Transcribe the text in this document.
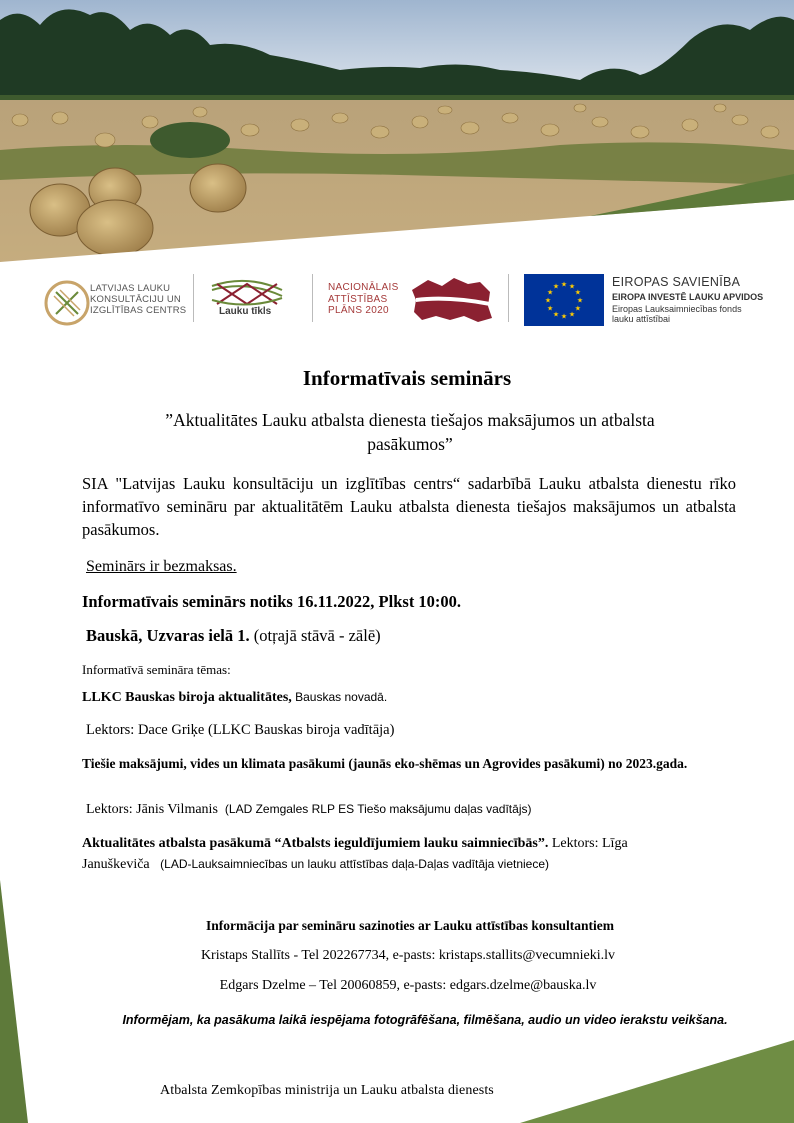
LATVIJAS LAUKU
KONSULTĀCIJU UN
IZGLĪTĪBAS CENTRS	Lauku tīkls
NACIONĀLAIS
ATTĪSTĪBAS
PLĀNS 2020
★
★
★
★
★
★
★
★
★ ★ ★
★
EIROPAS SAVIENĪBA
EIROPA INVESTĒ LAUKU APVIDOS
Eiropas Lauksaimniecības fonds
lauku attīstībai
Informatīvais seminārs
”Aktualitātes Lauku atbalsta dienesta tiešajos maksājumos un atbalsta pasākumos”
SIA "Latvijas Lauku konsultāciju un izglītības centrs“ sadarbībā Lauku atbalsta dienestu rīko informatīvo semināru par aktualitātēm Lauku atbalsta dienesta tiešajos maksājumos un atbalsta pasākumos.
Seminārs ir bezmaksas.
Informatīvais seminārs notiks 16.11.2022, Plkst 10:00.
Bauskā, Uzvaras ielā 1. (otŗajā stāvā - zālē)
Informatīvā semināra tēmas:
LLKC Bauskas biroja aktualitātes, Bauskas novadā.
Lektors: Dace Griķe (LLKC Bauskas biroja vadītāja)
Tiešie maksājumi, vides un klimata pasākumi (jaunās eko-shēmas un Agrovides pasākumi) no 2023.gada.
Lektors: Jānis Vilmanis (LAD Zemgales RLP ES Tiešo maksājumu daļas vadītājs)
Aktualitātes atbalsta pasākumā “Atbalsts ieguldījumiem lauku saimniecībās”. Lektors: Līga Januškeviča (LAD-Lauksaimniecības un lauku attīstības daļa-Daļas vadītāja vietniece)
Informācija par semināru sazinoties ar Lauku attīstības konsultantiem
Kristaps Stallīts - Tel 202267734, e-pasts: kristaps.stallits@vecumnieki.lv
Edgars Dzelme – Tel 20060859, e-pasts: edgars.dzelme@bauska.lv
Informējam, ka pasākuma laikā iespējama fotogrāfēšana, filmēšana, audio un video ierakstu veikšana.
Atbalsta Zemkopības ministrija un Lauku atbalsta dienests
